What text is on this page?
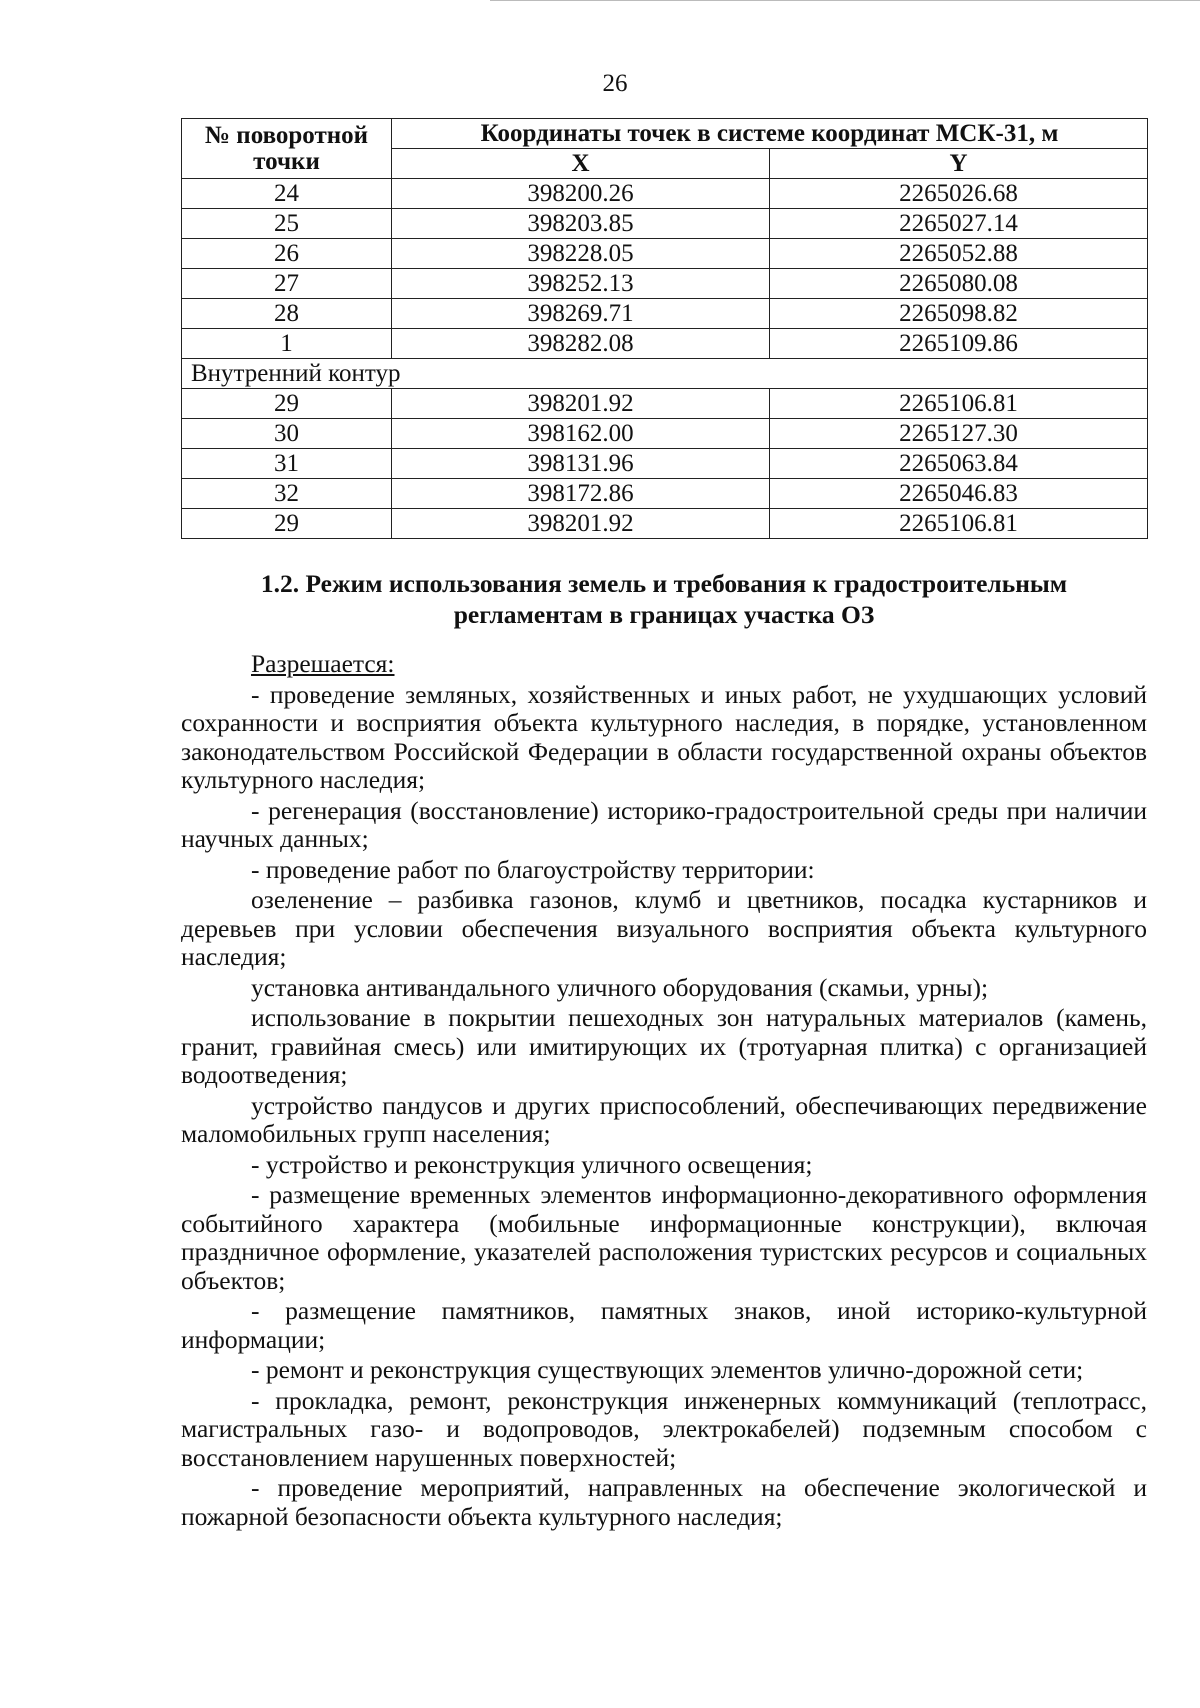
26
№ поворотной точки	Координаты точек в системе координат МСК-31, м	
	X	Y
24	398200.26	2265026.68
25	398203.85	2265027.14
26	398228.05	2265052.88
27	398252.13	2265080.08
28	398269.71	2265098.82
1	398282.08	2265109.86
Внутренний контур		
29	398201.92	2265106.81
30	398162.00	2265127.30
31	398131.96	2265063.84
32	398172.86	2265046.83
29	398201.92	2265106.81
1.2. Режим использования земель и требования к градостроительным
регламентам в границах участка ОЗ

Разрешается:

- проведение земляных, хозяйственных и иных работ, не ухудшающих условий сохранности и восприятия объекта культурного наследия, в порядке, установленном законодательством Российской Федерации в области государственной охраны объектов культурного наследия;

- регенерация (восстановление) историко-градостроительной среды при наличии научных данных;

- проведение работ по благоустройству территории:

озеленение – разбивка газонов, клумб и цветников, посадка кустарников и деревьев при условии обеспечения визуального восприятия объекта культурного наследия;

установка антивандального уличного оборудования (скамьи, урны);

использование в покрытии пешеходных зон натуральных материалов (камень, гранит, гравийная смесь) или имитирующих их (тротуарная плитка) с организацией водоотведения;

устройство пандусов и других приспособлений, обеспечивающих передвижение маломобильных групп населения;

- устройство и реконструкция уличного освещения;

- размещение временных элементов информационно-декоративного оформления событийного характера (мобильные информационные конструкции), включая праздничное оформление, указателей расположения туристских ресурсов и социальных объектов;

- размещение памятников, памятных знаков, иной историко-культурной информации;

- ремонт и реконструкция существующих элементов улично-дорожной сети;

- прокладка, ремонт, реконструкция инженерных коммуникаций (теплотрасс, магистральных газо- и водопроводов, электрокабелей) подземным способом с восстановлением нарушенных поверхностей;

- проведение мероприятий, направленных на обеспечение экологической и пожарной безопасности объекта культурного наследия;
